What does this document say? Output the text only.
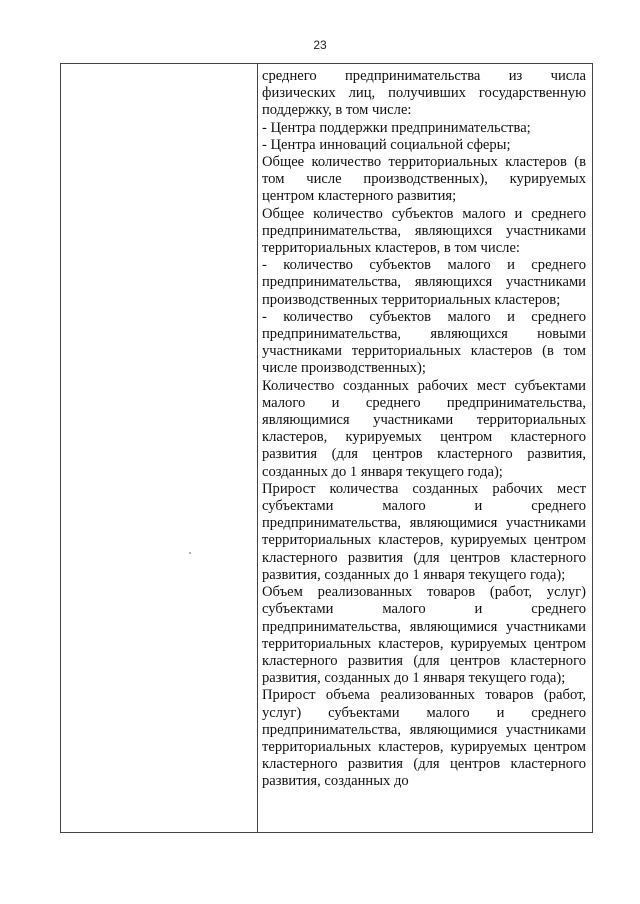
23

среднего предпринимательства из числа физических лиц, получивших государственную поддержку, в том числе:

- Центра поддержки предпринимательства;

- Центра инноваций социальной сферы;

Общее количество территориальных кластеров (в том числе производственных), курируемых центром кластерного развития;

Общее количество субъектов малого и среднего предпринимательства, являющихся участниками территориальных кластеров, в том числе:

- количество субъектов малого и среднего предпринимательства, являющихся участниками производственных территориальных кластеров;

- количество субъектов малого и среднего предпринимательства, являющихся новыми участниками территориальных кластеров (в том числе производственных);

Количество созданных рабочих мест субъектами малого и среднего предпринимательства, являющимися участниками территориальных кластеров, курируемых центром кластерного развития (для центров кластерного развития, созданных до 1 января текущего года);

Прирост количества созданных рабочих мест субъектами малого и среднего предпринимательства, являющимися участниками территориальных кластеров, курируемых центром кластерного развития (для центров кластерного развития, созданных до 1 января текущего года);

Объем реализованных товаров (работ, услуг) субъектами малого и среднего предпринимательства, являющимися участниками территориальных кластеров, курируемых центром кластерного развития (для центров кластерного развития, созданных до 1 января текущего года);

Прирост объема реализованных товаров (работ, услуг) субъектами малого и среднего предпринимательства, являющимися участниками территориальных кластеров, курируемых центром кластерного развития (для центров кластерного развития, созданных до
